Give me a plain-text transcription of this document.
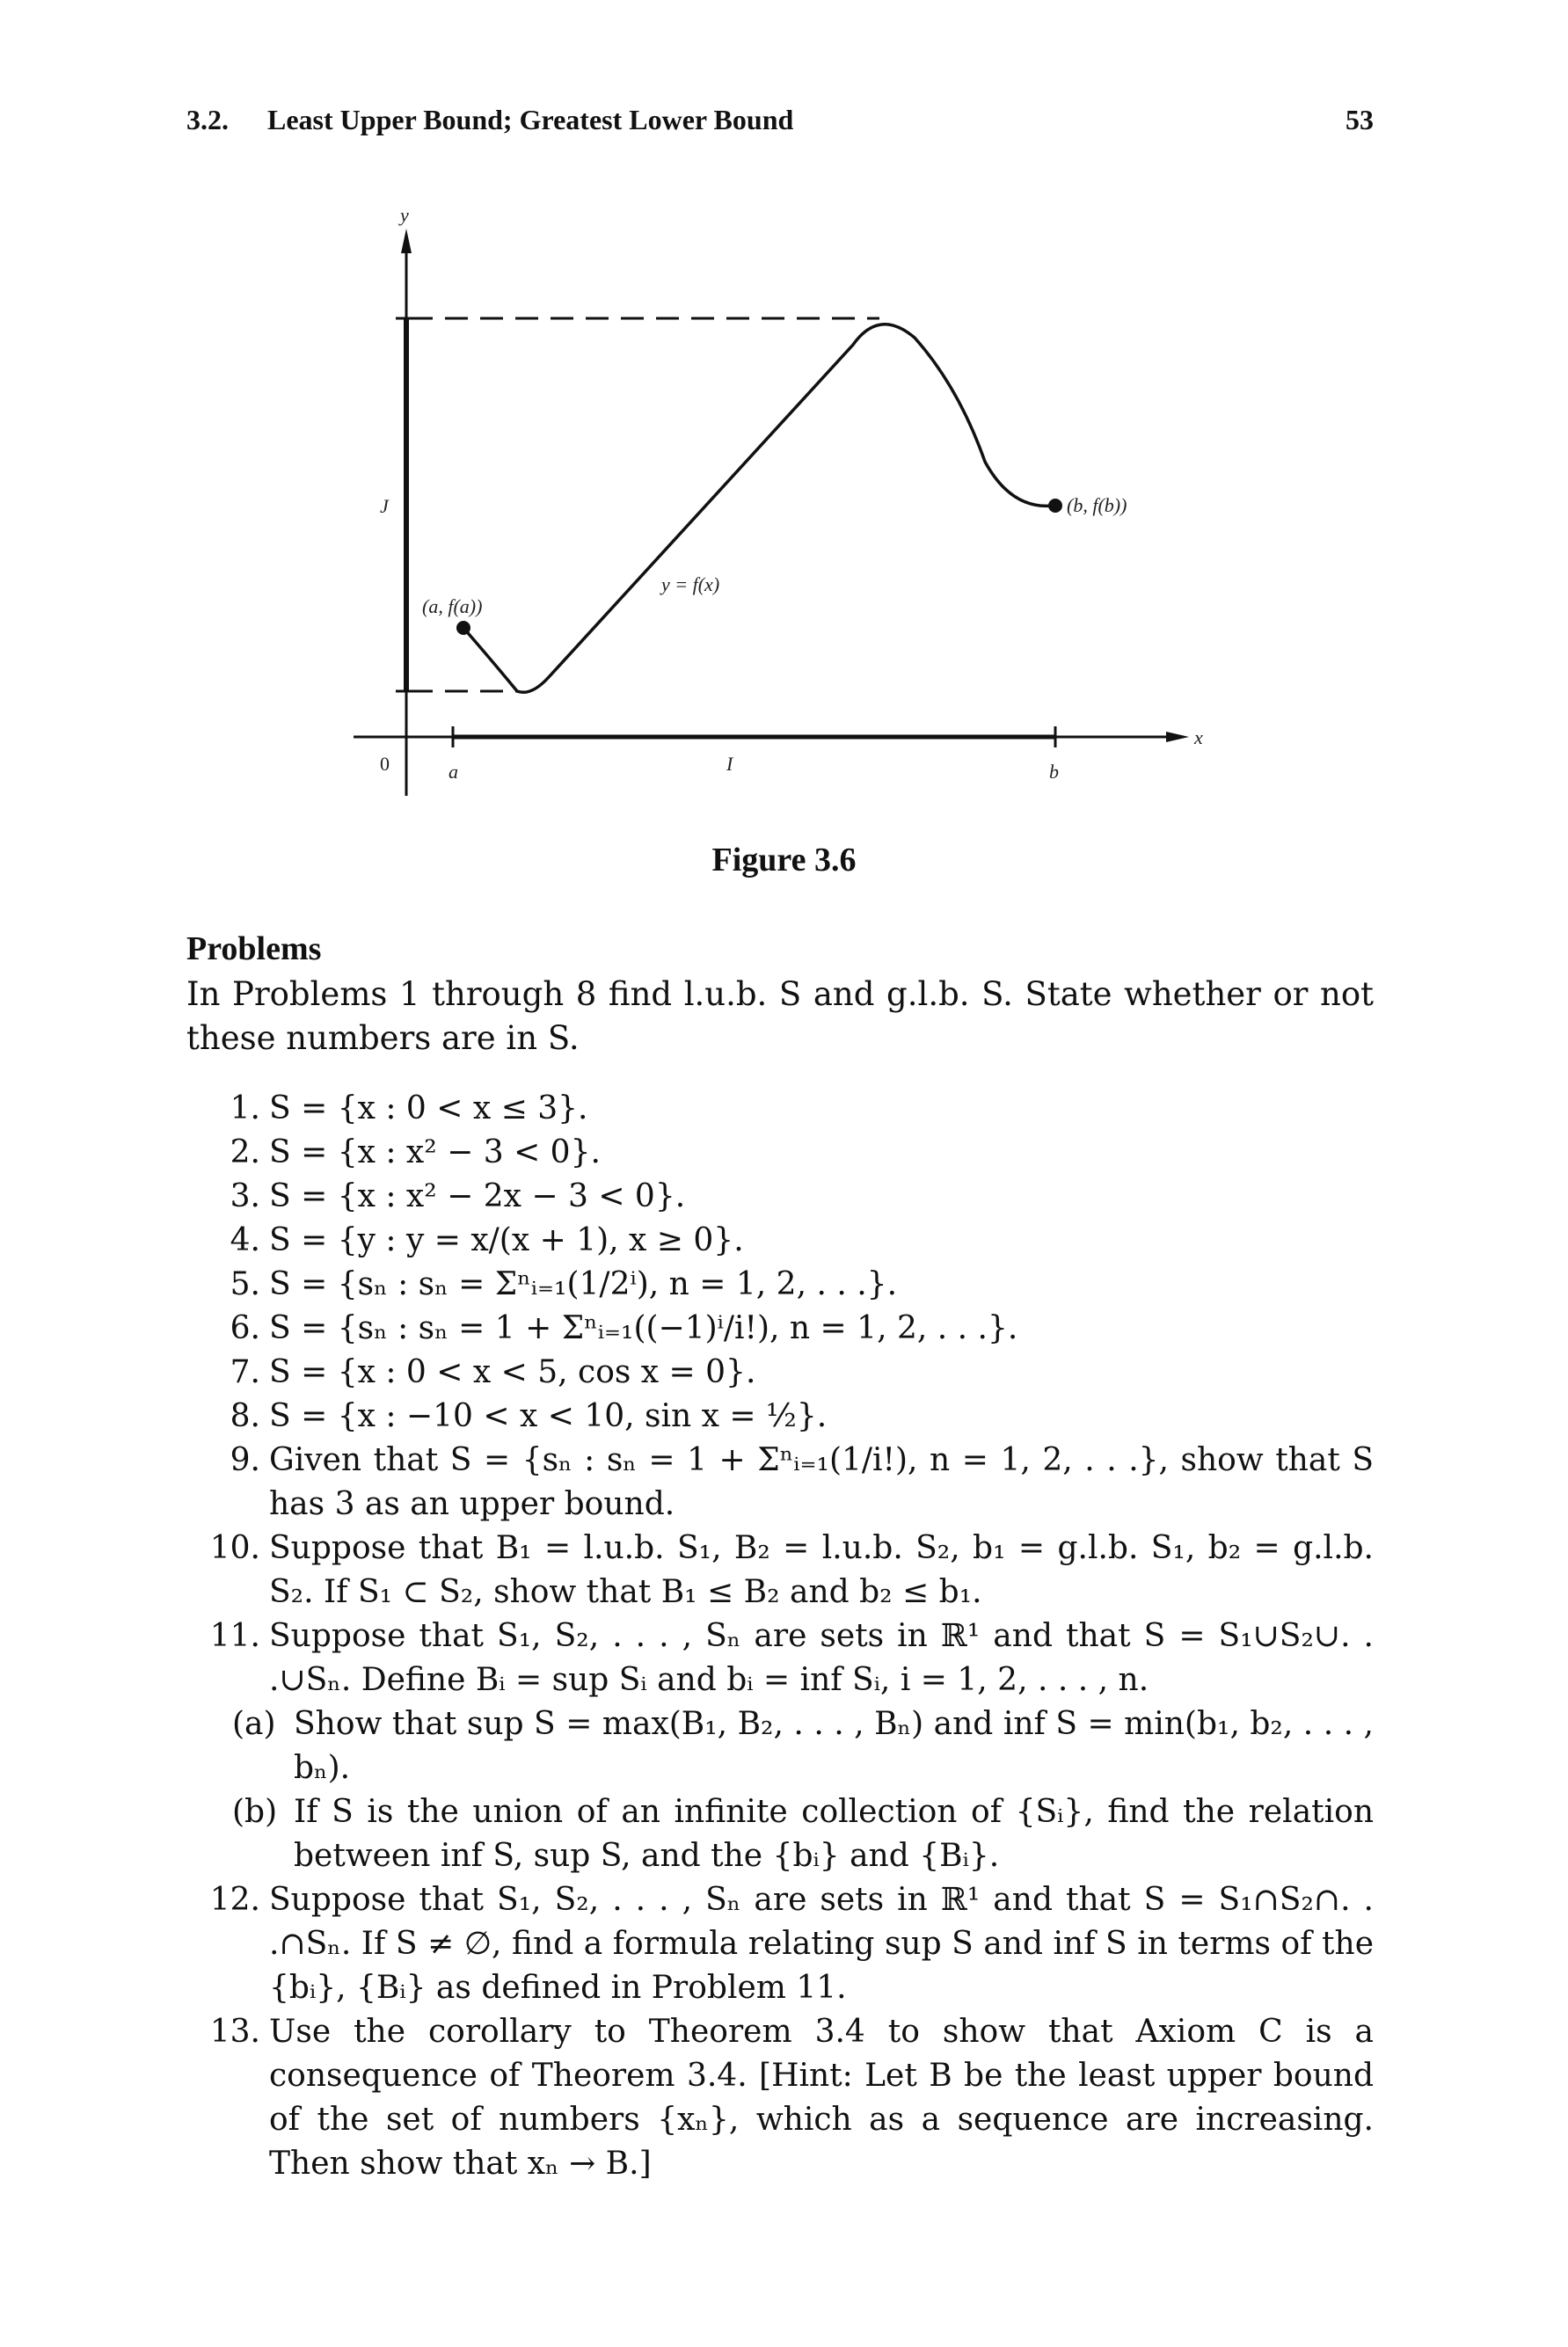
3.2. Least Upper Bound; Greatest Lower Bound	53
y
x
0	a	b
I
J
(a, f(a))
(b, f(b))
y = f(x)
Figure 3.6
Problems
In Problems 1 through 8 find l.u.b. S and g.l.b. S. State whether or not these numbers are in S.
1. S = {x : 0 < x ≤ 3}.
2. S = {x : x² − 3 < 0}.
3. S = {x : x² − 2x − 3 < 0}.
4. S = {y : y = x/(x + 1), x ≥ 0}.
5. S = {sₙ : sₙ = Σⁿᵢ₌₁(1/2ⁱ), n = 1, 2, . . .}.
6. S = {sₙ : sₙ = 1 + Σⁿᵢ₌₁((−1)ⁱ/i!), n = 1, 2, . . .}.
7. S = {x : 0 < x < 5, cos x = 0}.
8. S = {x : −10 < x < 10, sin x = ½}.
9. Given that S = {sₙ : sₙ = 1 + Σⁿᵢ₌₁(1/i!), n = 1, 2, . . .}, show that S has 3 as an upper bound.
10. Suppose that B₁ = l.u.b. S₁, B₂ = l.u.b. S₂, b₁ = g.l.b. S₁, b₂ = g.l.b. S₂. If S₁ ⊂ S₂, show that B₁ ≤ B₂ and b₂ ≤ b₁.
11. Suppose that S₁, S₂, . . . , Sₙ are sets in ℝ¹ and that S = S₁∪S₂∪. . .∪Sₙ. Define Bᵢ = sup Sᵢ and bᵢ = inf Sᵢ, i = 1, 2, . . . , n.
(a) Show that sup S = max(B₁, B₂, . . . , Bₙ) and inf S = min(b₁, b₂, . . . , bₙ).
(b) If S is the union of an infinite collection of {Sᵢ}, find the relation between inf S, sup S, and the {bᵢ} and {Bᵢ}.
12. Suppose that S₁, S₂, . . . , Sₙ are sets in ℝ¹ and that S = S₁∩S₂∩. . .∩Sₙ. If S ≠ ∅, find a formula relating sup S and inf S in terms of the {bᵢ}, {Bᵢ} as defined in Problem 11.
13. Use the corollary to Theorem 3.4 to show that Axiom C is a consequence of Theorem 3.4. [Hint: Let B be the least upper bound of the set of numbers {xₙ}, which as a sequence are increasing. Then show that xₙ → B.]
